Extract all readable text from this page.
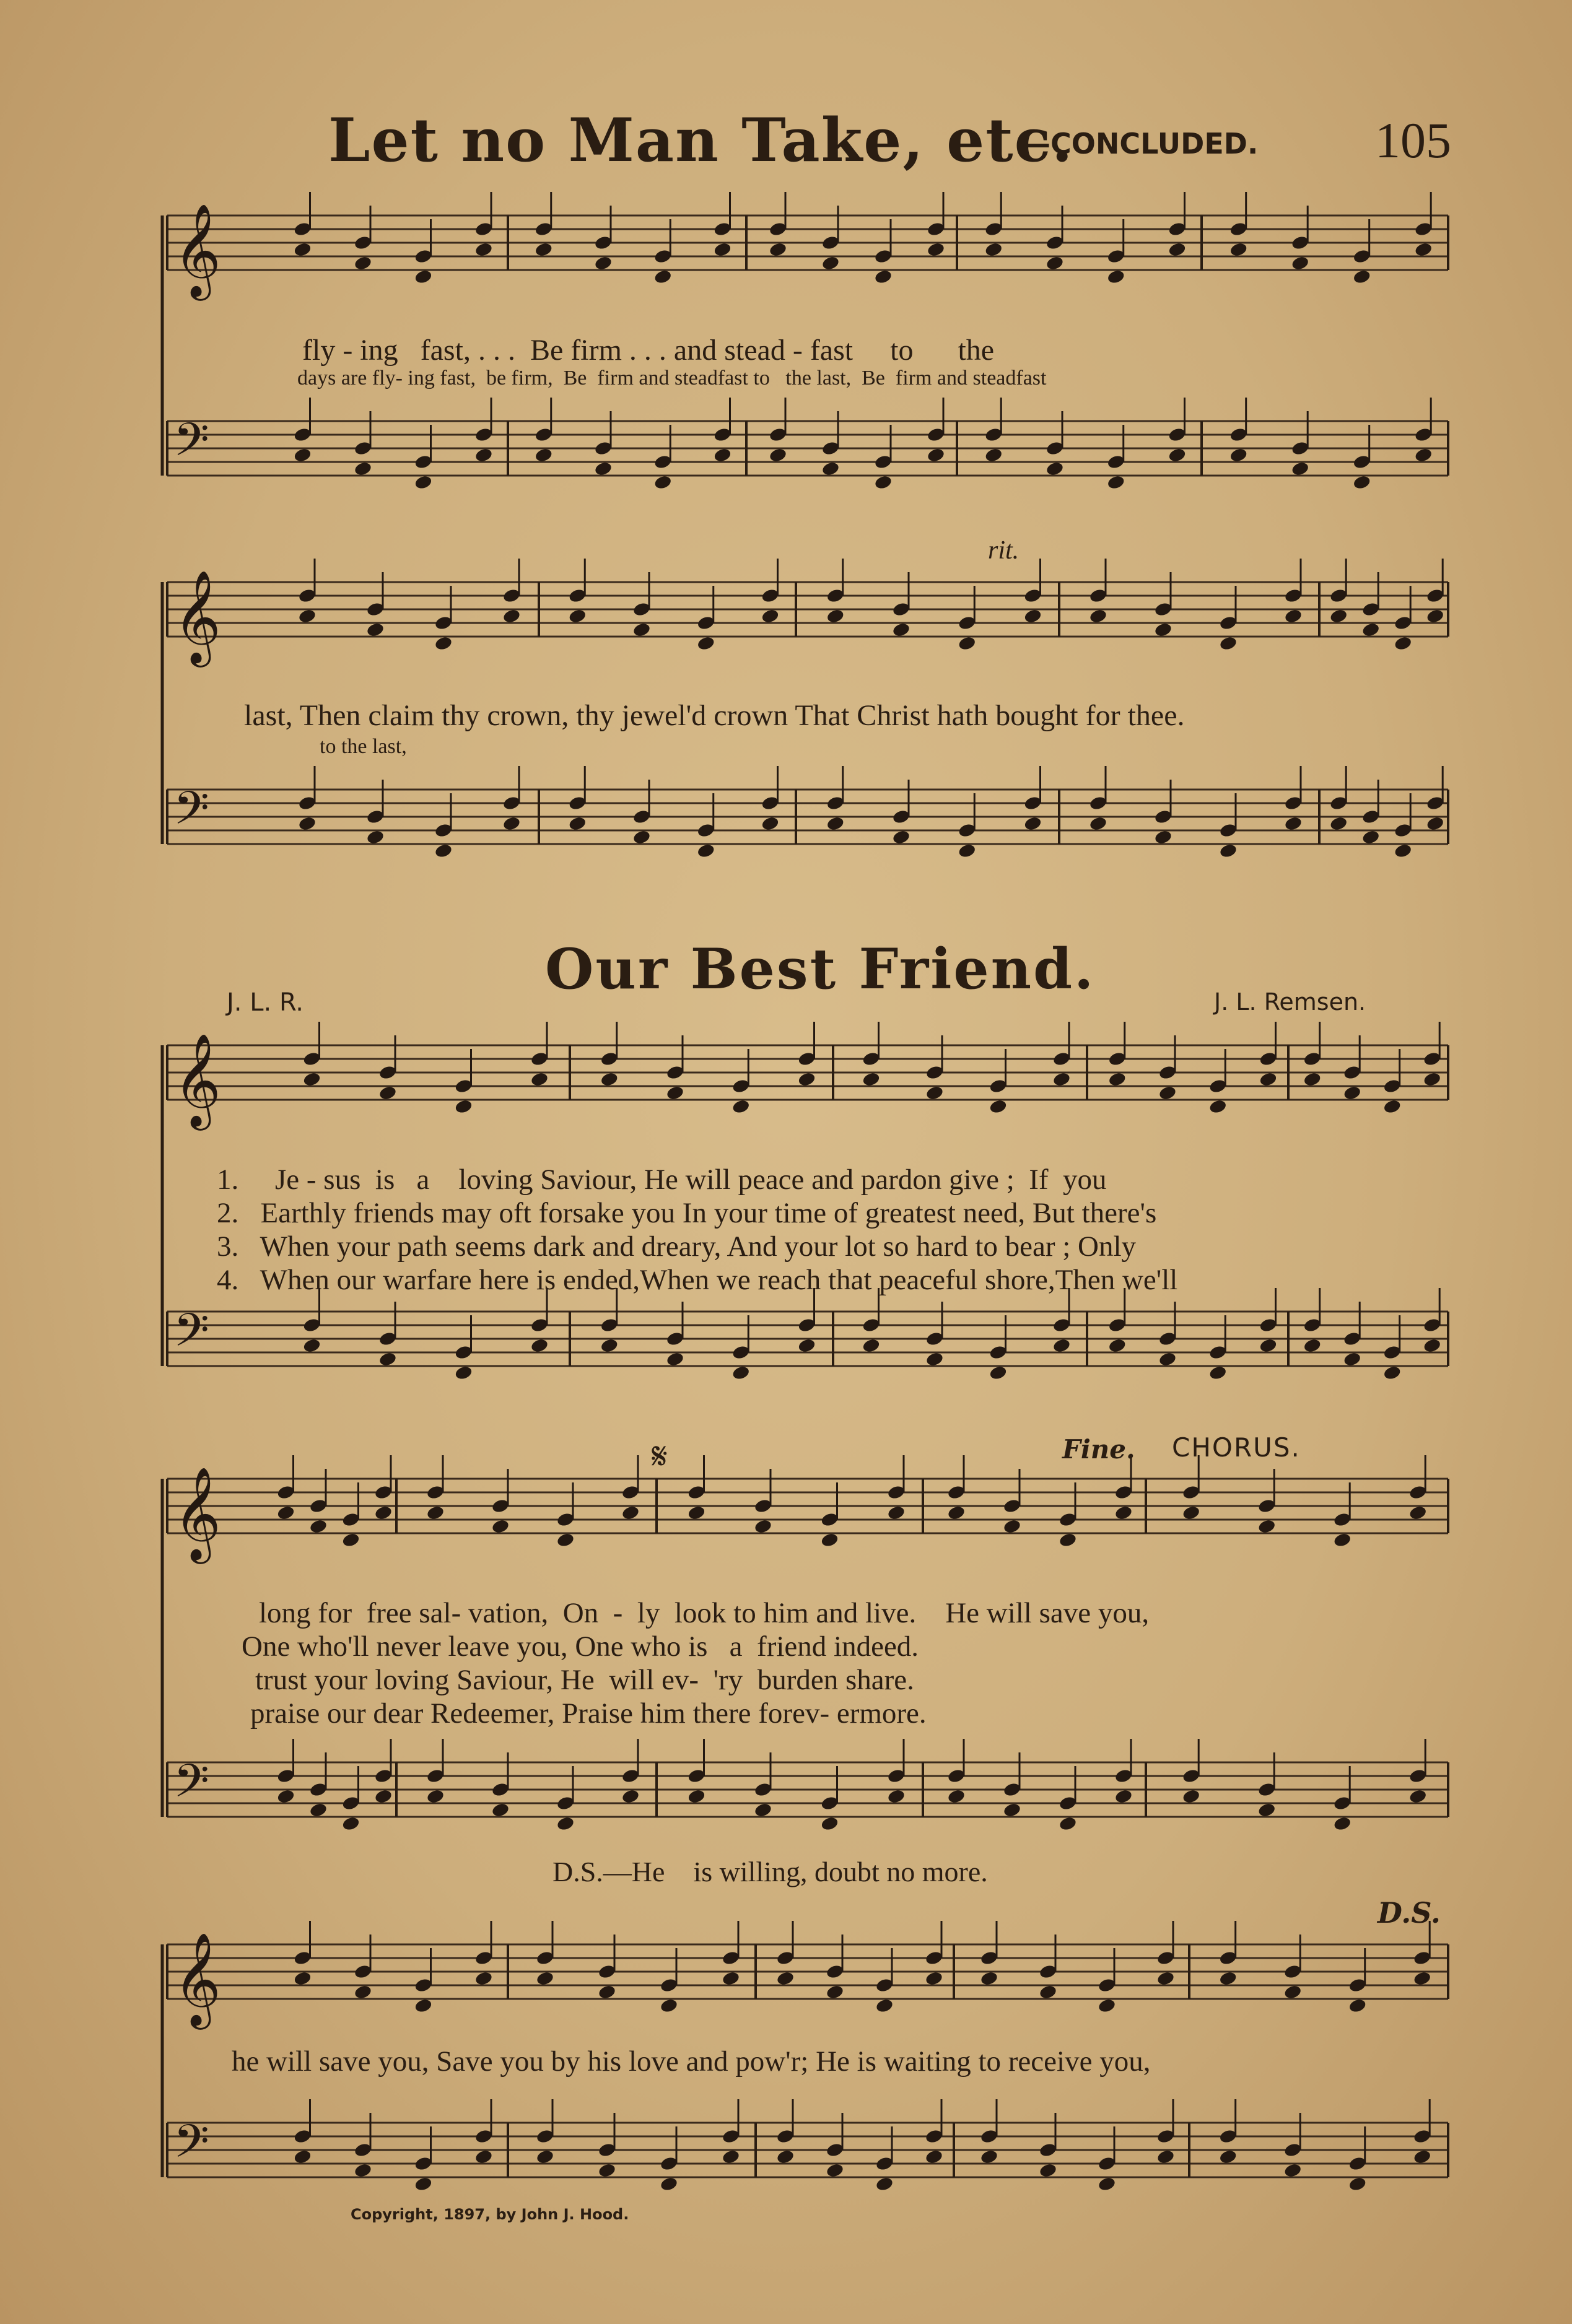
Let no Man Take, etc.
—CONCLUDED. 105
𝄞
𝄢
𝄞
𝄢
𝄞
𝄢
𝄞
𝄢
𝄞
𝄢
fly - ing   fast, . . .  Be firm . . . and stead - fast     to      the
days are fly- ing fast,  be firm,  Be  firm and steadfast to   the last,  Be  firm and steadfast
rit.
last, Then claim thy crown, thy jewel'd crown That Christ hath bought for thee.
to the last,
Our Best Friend.
J. L. R.	J. L. Remsen.
1.     Je - sus  is   a    loving Saviour, He will peace and pardon give ;  If  you
2.   Earthly friends may oft forsake you In your time of greatest need, But there's
3.   When your path seems dark and dreary, And your lot so hard to bear ; Only
4.   When our warfare here is ended,When we reach that peaceful shore,Then we'll
𝄋	Fine. CHORUS.
long for  free sal- vation,  On  -  ly  look to him and live.    He will save you,
One who'll never leave you, One who is   a  friend indeed.
trust your loving Saviour, He  will ev-  'ry  burden share.
praise our dear Redeemer, Praise him there forev- ermore.
D.S.—He    is willing, doubt no more.
D.S.
he will save you, Save you by his love and pow'r; He is waiting to receive you,
Copyright, 1897, by John J. Hood.
